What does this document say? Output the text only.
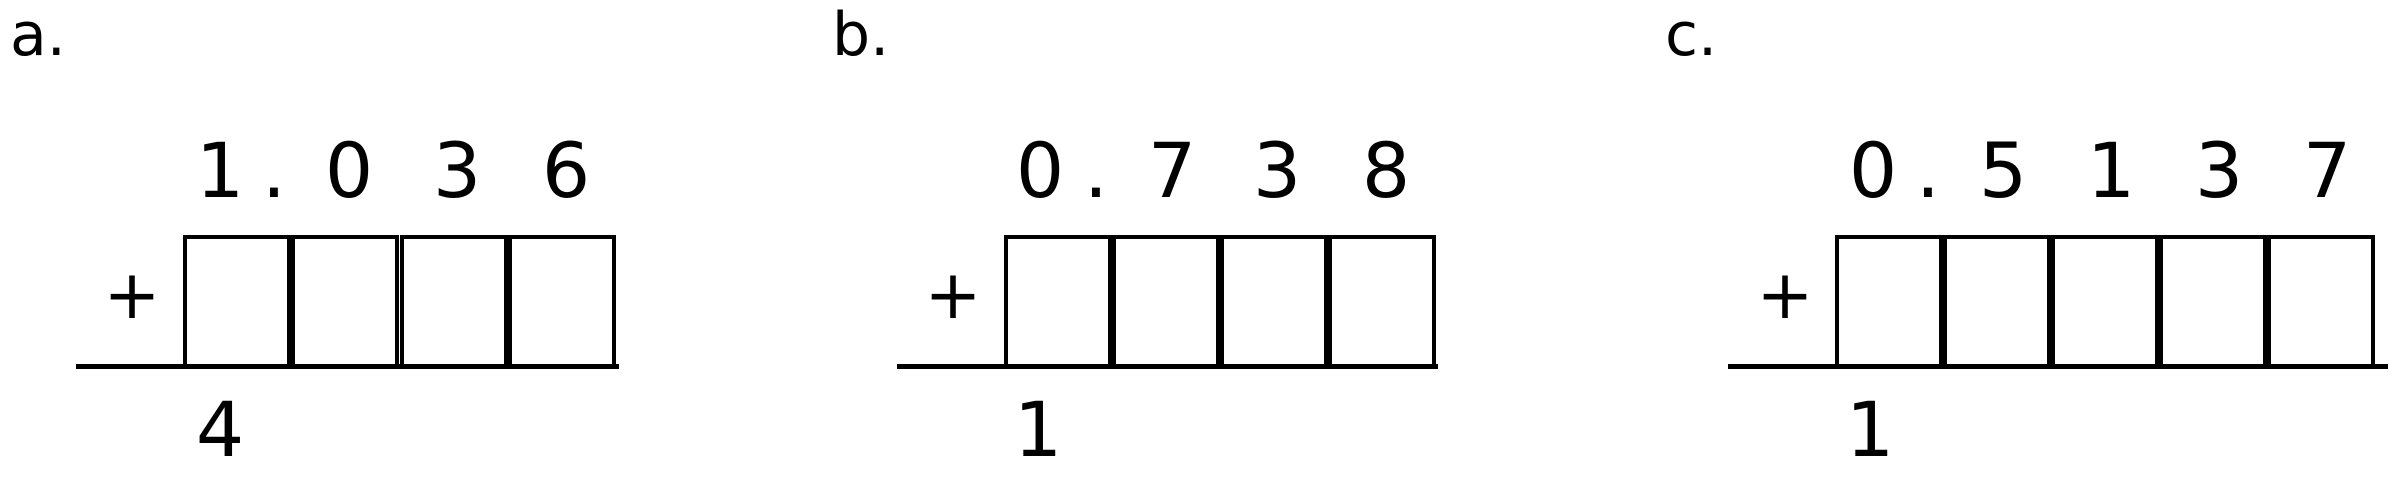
a.
1 . 0 3 6
+
4
b.
0 . 7 3 8
+
1
c.
0 . 5 1 3 7
+
1
